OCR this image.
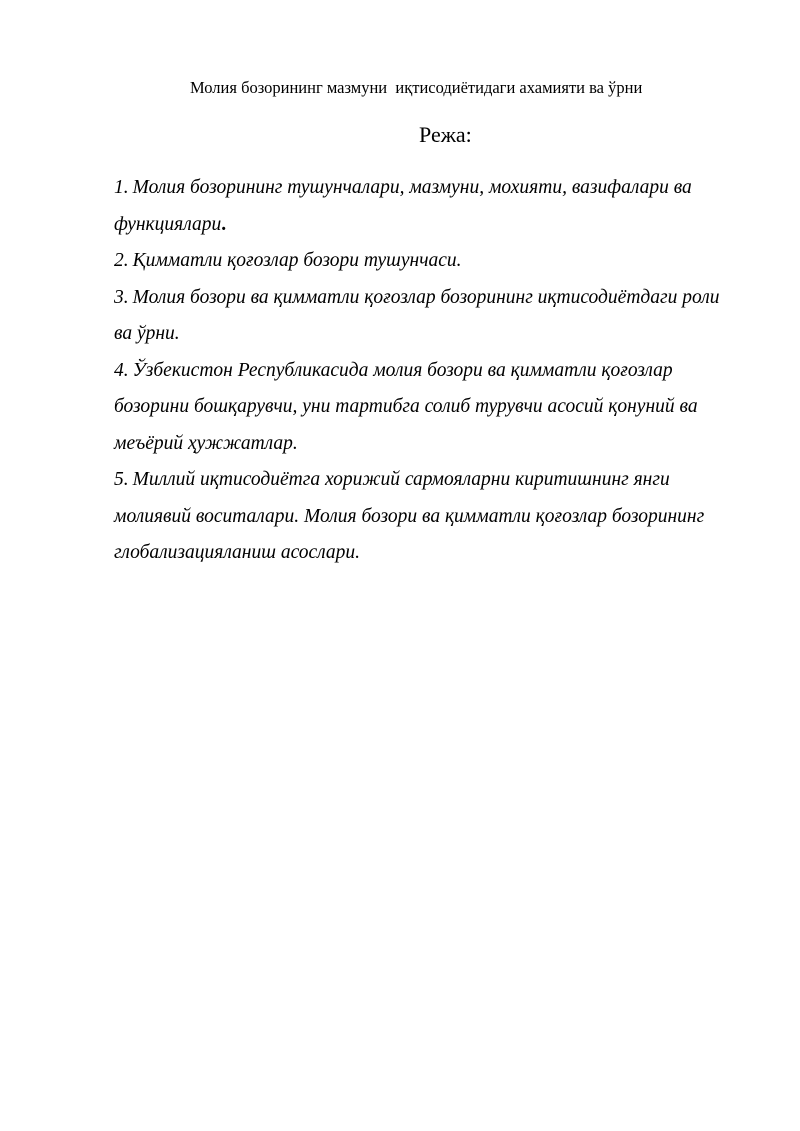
Молия бозорининг мазмуни  иқтисодиётидаги ахамияти ва ўрни
Режа:
1. Молия бозорининг тушунчалари, мазмуни, мохияти, вазифалари ва функциялари.
2. Қимматли қоғозлар бозори тушунчаси.
3. Молия бозори ва қимматли қоғозлар бозорининг иқтисодиётдаги роли ва ўрни.
4. Ўзбекистон Республикасида молия бозори ва қимматли қоғозлар бозорини бошқарувчи, уни тартибга солиб турувчи асосий қонуний ва меъёрий ҳужжатлар.
5. Миллий иқтисодиётга хорижий сармояларни киритишнинг янги молиявий воситалари. Молия бозори ва қимматли қоғозлар бозорининг глобализацияланиш асослари.
